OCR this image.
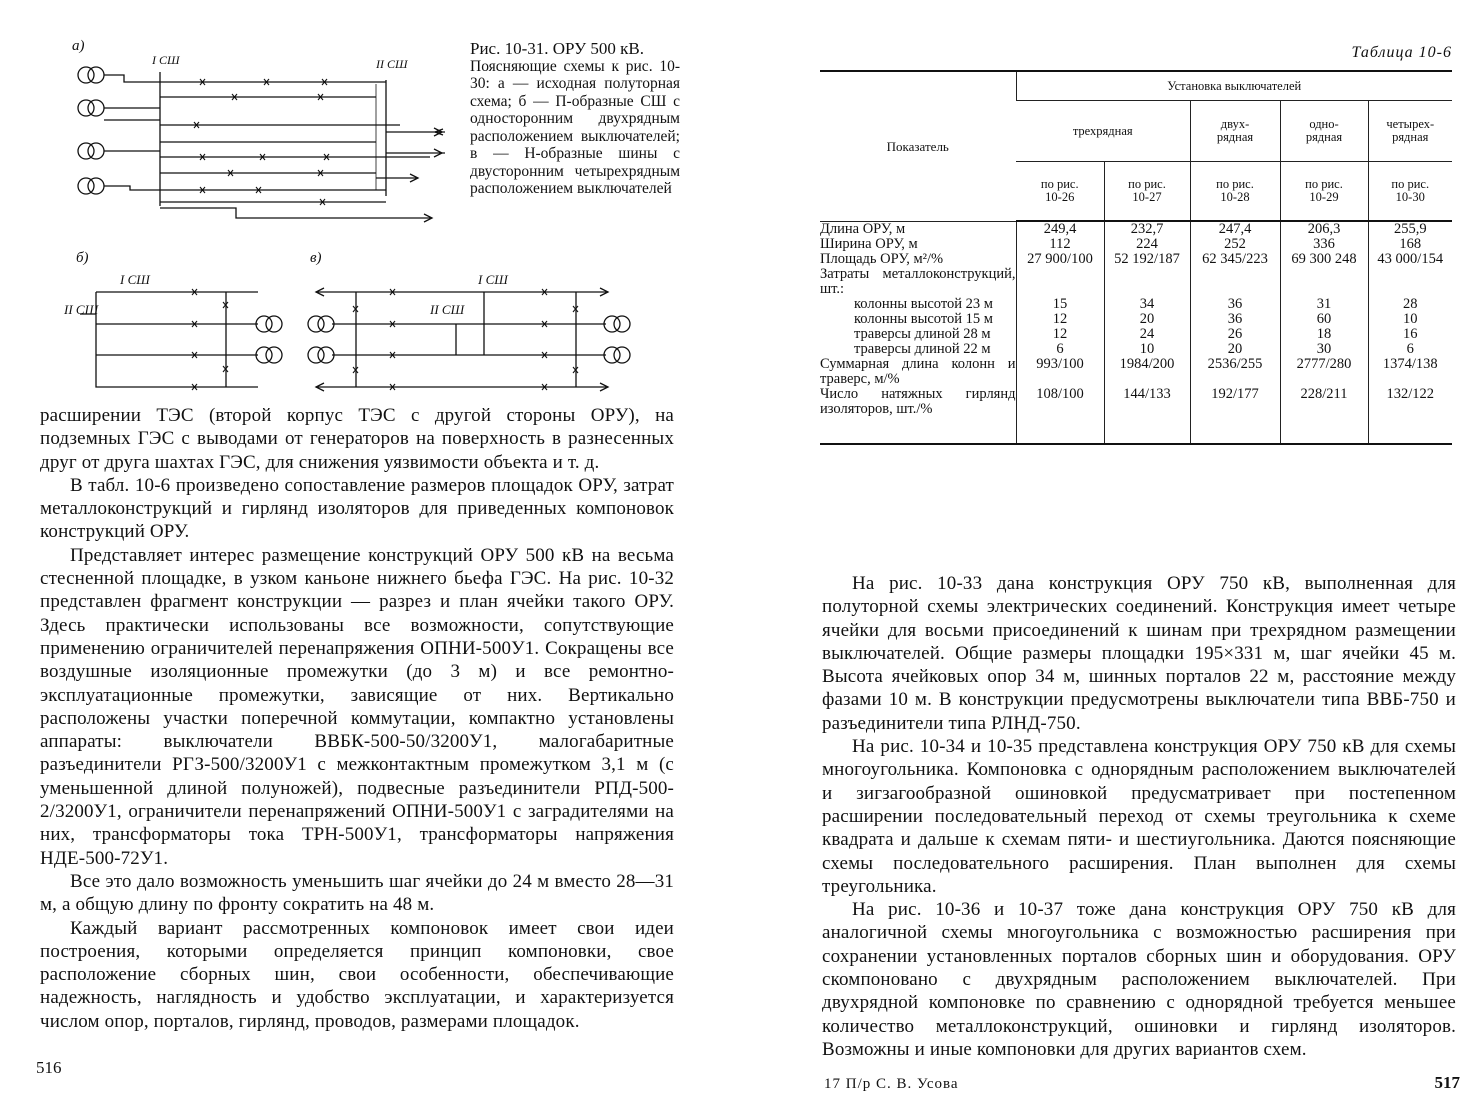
а)
I СШ	II СШ
б)
I СШ
II СШ
в)
I СШ
II СШ
Рис. 10-31. ОРУ 500 кВ.
Поясняющие схемы к рис. 10-30: а — исходная полуторная схема; б — П-образные СШ с односторонним двухрядным расположением выключателей; в — Н-образные шины с двусторонним четырехрядным расположением выключателей

расширении ТЭС (второй корпус ТЭС с другой стороны ОРУ), на подземных ГЭС с выводами от генераторов на поверхность в разнесенных друг от друга шахтах ГЭС, для снижения уязвимости объекта и т. д.

В табл. 10-6 произведено сопоставление размеров площадок ОРУ, затрат металлоконструкций и гирлянд изоляторов для приведенных компоновок конструкций ОРУ.

Представляет интерес размещение конструкций ОРУ 500 кВ на весьма стесненной площадке, в узком каньоне нижнего бьефа ГЭС. На рис. 10-32 представлен фрагмент конструкции — разрез и план ячейки такого ОРУ. Здесь практически использованы все возможности, сопутствующие применению ограничителей перенапряжения ОПНИ-500У1. Сокращены все воздушные изоляционные промежутки (до 3 м) и все ремонтно-эксплуатационные промежутки, зависящие от них. Вертикально расположены участки поперечной коммутации, компактно установлены аппараты: выключатели ВВБК-500-50/3200У1, малогабаритные разъединители РГЗ-500/3200У1 с межконтактным промежутком 3,1 м (с уменьшенной длиной полуножей), подвесные разъединители РПД-500-2/3200У1, ограничители перенапряжений ОПНИ-500У1 с заградителями на них, трансформаторы тока ТРН-500У1, трансформаторы напряжения НДЕ-500-72У1.

Все это дало возможность уменьшить шаг ячейки до 24 м вместо 28—31 м, а общую длину по фронту сократить на 48 м.

Каждый вариант рассмотренных компоновок имеет свои идеи построения, которыми определяется принцип компоновки, свое расположение сборных шин, свои особенности, обеспечивающие надежность, наглядность и удобство эксплуатации, и характеризуется числом опор, порталов, гирлянд, проводов, размерами площадок.

516
Таблица 10-6
Показатель	Установка выключателей				
	трехрядная		двух-рядная	одно-рядная	четырех-рядная
	по рис. 10-26	по рис. 10-27	по рис. 10-28	по рис. 10-29	по рис. 10-30

Длина ОРУ, м	249,4	232,7	247,4	206,3	255,9

Ширина ОРУ, м	112	224	252	336	168

Площадь ОРУ, м²/%	27 900/100	52 192/187	62 345/223	69 300 248	43 000/154

Затраты металлоконструкций, шт.:					

колонны высотой 23 м	15	34	36	31	28

колонны высотой 15 м	12	20	36	60	10

траверсы длиной 28 м	12	24	26	18	16

траверсы длиной 22 м	6	10	20	30	6

Суммарная длина колонн и траверс, м/%	993/100	1984/200	2536/255	2777/280	1374/138

Число натяжных гирлянд изоляторов, шт./%	108/100	144/133	192/177	228/211	132/122

На рис. 10-33 дана конструкция ОРУ 750 кВ, выполненная для полуторной схемы электрических соединений. Конструкция имеет четыре ячейки для восьми присоединений к шинам при трехрядном размещении выключателей. Общие размеры площадки 195×331 м, шаг ячейки 45 м. Высота ячейковых опор 34 м, шинных порталов 22 м, расстояние между фазами 10 м. В конструкции предусмотрены выключатели типа ВВБ-750 и разъединители типа РЛНД-750.

На рис. 10-34 и 10-35 представлена конструкция ОРУ 750 кВ для схемы многоугольника. Компоновка с однорядным расположением выключателей и зигзагообразной ошиновкой предусматривает при постепенном расширении последовательный переход от схемы треугольника к схеме квадрата и дальше к схемам пяти- и шестиугольника. Даются поясняющие схемы последовательного расширения. План выполнен для схемы треугольника.

На рис. 10-36 и 10-37 тоже дана конструкция ОРУ 750 кВ для аналогичной схемы многоугольника с возможностью расширения при сохранении установленных порталов сборных шин и оборудования. ОРУ скомпоновано с двухрядным расположением выключателей. При двухрядной компоновке по сравнению с однорядной требуется меньшее количество металлоконструкций, ошиновки и гирлянд изоляторов. Возможны и иные компоновки для других вариантов схем.

17 П/р С. В. Усова	517
